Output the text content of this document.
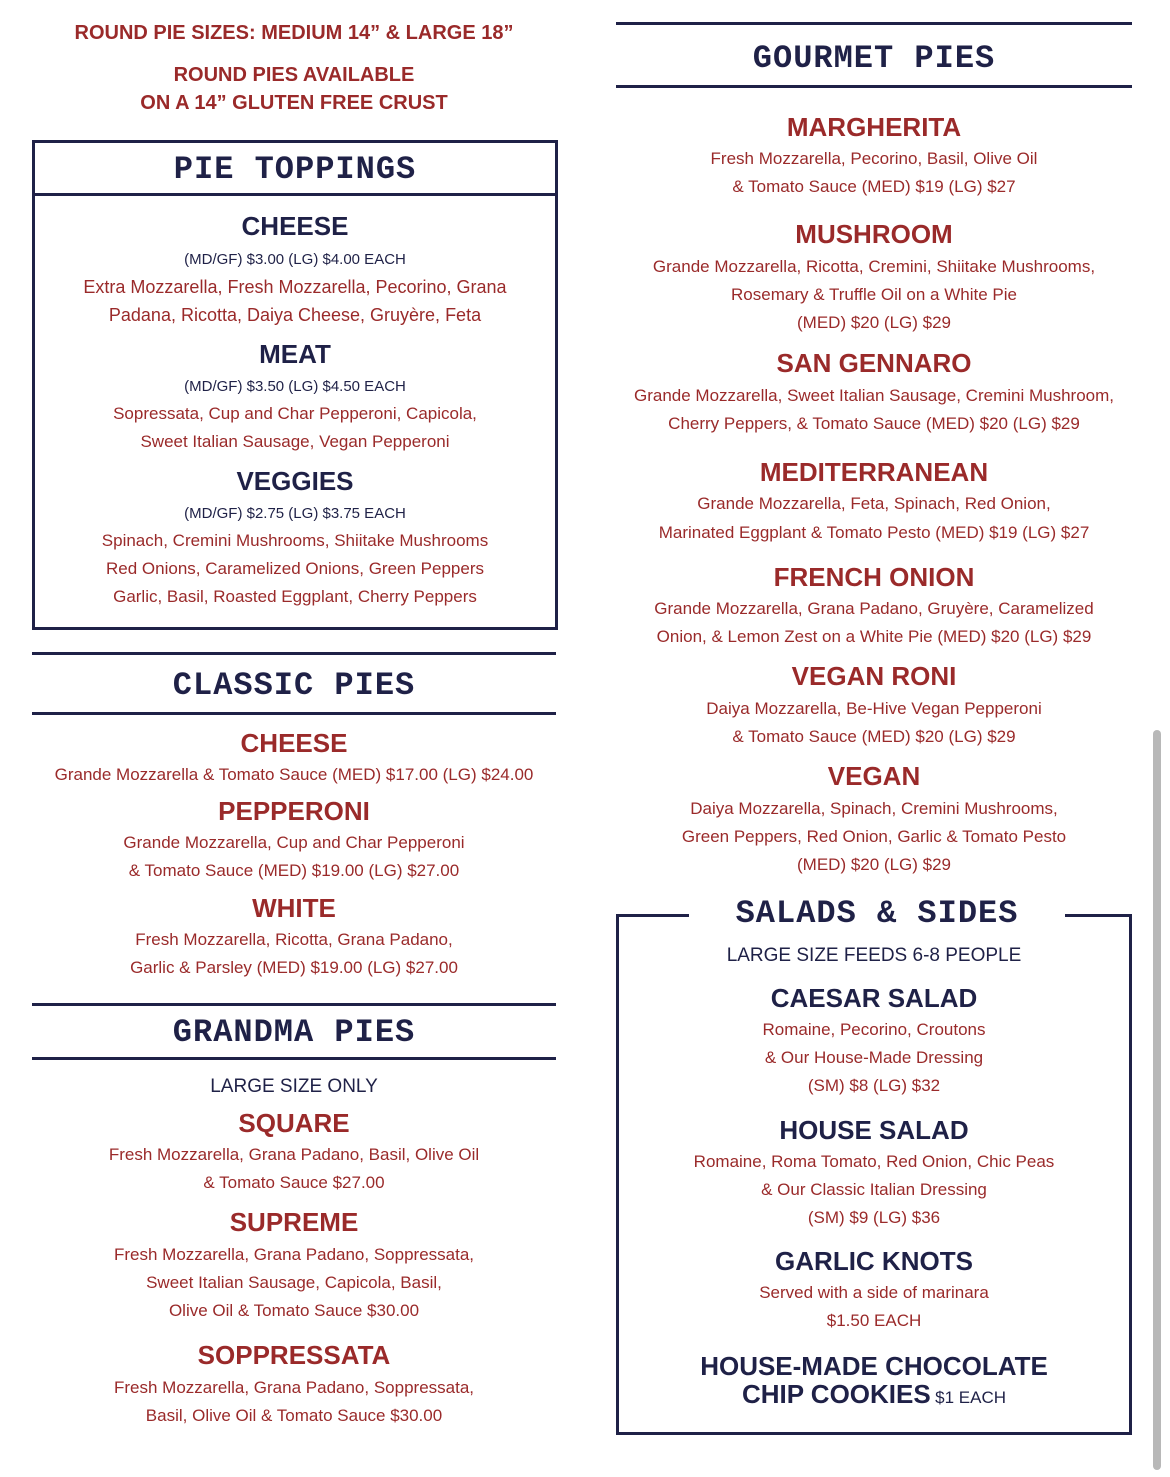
ROUND PIE SIZES: MEDIUM 14” & LARGE 18”
ROUND PIES AVAILABLE
ON A 14” GLUTEN FREE CRUST
PIE TOPPINGS
CHEESE
(MD/GF) $3.00 (LG) $4.00 EACH
Extra Mozzarella, Fresh Mozzarella, Pecorino, Grana
Padana, Ricotta, Daiya Cheese, Gruyère, Feta
MEAT
(MD/GF) $3.50 (LG) $4.50 EACH
Sopressata, Cup and Char Pepperoni, Capicola,
Sweet Italian Sausage, Vegan Pepperoni
VEGGIES
(MD/GF) $2.75 (LG) $3.75 EACH
Spinach, Cremini Mushrooms, Shiitake Mushrooms
Red Onions, Caramelized Onions, Green Peppers
Garlic, Basil, Roasted Eggplant, Cherry Peppers
CLASSIC PIES
CHEESE
Grande Mozzarella & Tomato Sauce (MED) $17.00 (LG) $24.00
PEPPERONI
Grande Mozzarella, Cup and Char Pepperoni
& Tomato Sauce (MED) $19.00 (LG) $27.00
WHITE
Fresh Mozzarella, Ricotta, Grana Padano,
Garlic & Parsley (MED) $19.00 (LG) $27.00
GRANDMA PIES
LARGE SIZE ONLY
SQUARE
Fresh Mozzarella, Grana Padano, Basil, Olive Oil
& Tomato Sauce $27.00
SUPREME
Fresh Mozzarella, Grana Padano, Soppressata,
Sweet Italian Sausage, Capicola, Basil,
Olive Oil & Tomato Sauce $30.00
SOPPRESSATA
Fresh Mozzarella, Grana Padano, Soppressata,
Basil, Olive Oil & Tomato Sauce $30.00
GOURMET PIES
MARGHERITA
Fresh Mozzarella, Pecorino, Basil, Olive Oil
& Tomato Sauce (MED) $19 (LG) $27
MUSHROOM
Grande Mozzarella, Ricotta, Cremini, Shiitake Mushrooms,
Rosemary & Truffle Oil on a White Pie
(MED) $20 (LG) $29
SAN GENNARO
Grande Mozzarella, Sweet Italian Sausage, Cremini Mushroom,
Cherry Peppers, & Tomato Sauce (MED) $20 (LG) $29
MEDITERRANEAN
Grande Mozzarella, Feta, Spinach, Red Onion,
Marinated Eggplant & Tomato Pesto (MED) $19 (LG) $27
FRENCH ONION
Grande Mozzarella, Grana Padano, Gruyère, Caramelized
Onion, & Lemon Zest on a White Pie (MED) $20 (LG) $29
VEGAN RONI
Daiya Mozzarella, Be-Hive Vegan Pepperoni
& Tomato Sauce (MED) $20 (LG) $29
VEGAN
Daiya Mozzarella, Spinach, Cremini Mushrooms,
Green Peppers, Red Onion, Garlic & Tomato Pesto
(MED) $20 (LG) $29
SALADS & SIDES
LARGE SIZE FEEDS 6-8 PEOPLE
CAESAR SALAD
Romaine, Pecorino, Croutons
& Our House-Made Dressing
(SM) $8 (LG) $32
HOUSE SALAD
Romaine, Roma Tomato, Red Onion, Chic Peas
& Our Classic Italian Dressing
(SM) $9 (LG) $36
GARLIC KNOTS
Served with a side of marinara
$1.50 EACH
HOUSE-MADE CHOCOLATE
CHIP COOKIES $1 EACH
